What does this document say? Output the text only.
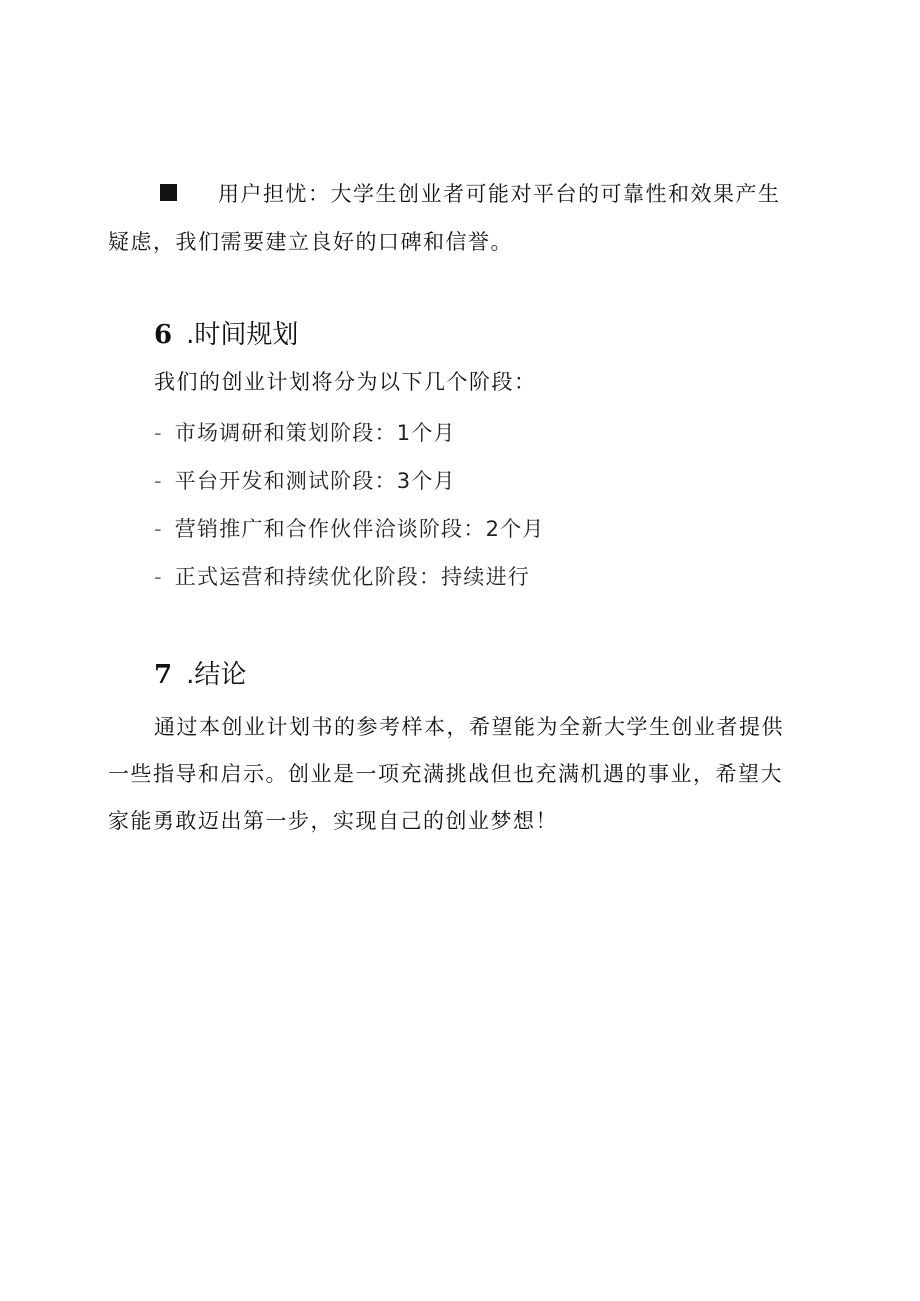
用户担忧：大学生创业者可能对平台的可靠性和效果产生
疑虑，我们需要建立良好的口碑和信誉。
6 .时间规划

我们的创业计划将分为以下几个阶段：

- 市场调研和策划阶段：1个月
- 平台开发和测试阶段：3个月
- 营销推广和合作伙伴洽谈阶段：2个月
- 正式运营和持续优化阶段：持续进行
7 .结论

通过本创业计划书的参考样本，希望能为全新大学生创业者提供
一些指导和启示。创业是一项充满挑战但也充满机遇的事业，希望大
家能勇敢迈出第一步，实现自己的创业梦想！
